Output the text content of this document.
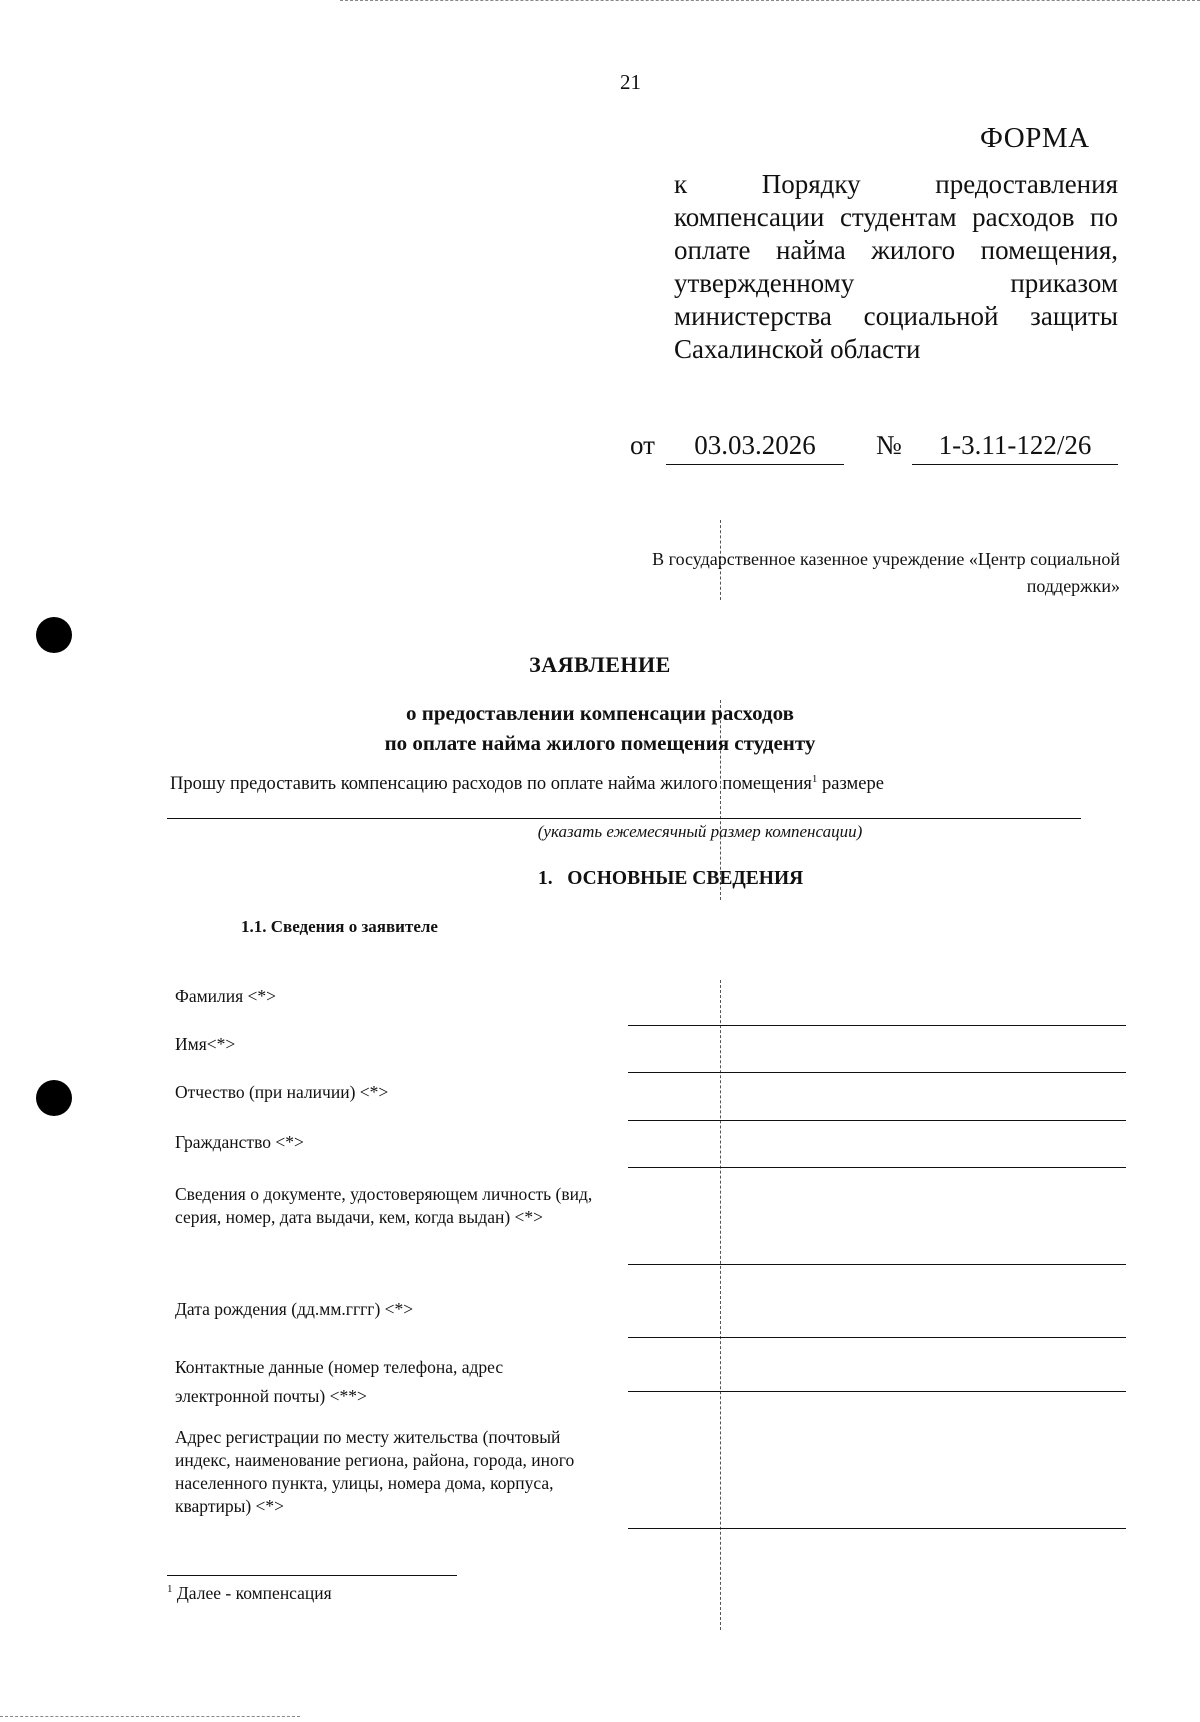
21
ФОРМА
к Порядку предоставления
компенсации студентам расходов по
оплате найма жилого помещения,
утвержденному приказом
министерства социальной защиты
Сахалинской области
от	03.03.2026	№	1-3.11-122/26
В государственное казенное учреждение «Центр социальной
поддержки»
ЗАЯВЛЕНИЕ
о предоставлении компенсации расходов
по оплате найма жилого помещения студенту
Прошу предоставить компенсацию расходов по оплате найма жилого помещения$^1$ размере
(указать ежемесячный размер компенсации)
1. ОСНОВНЫЕ СВЕДЕНИЯ
1.1. Сведения о заявителе
Фамилия <*>
Имя<*>
Отчество (при наличии) <*>
Гражданство <*>
Сведения о документе, удостоверяющем личность (вид, серия, номер, дата выдачи, кем, когда выдан) <*>
Дата рождения (дд.мм.гггг) <*>
Контактные данные (номер телефона, адрес электронной почты) <**>
Адрес регистрации по месту жительства (почтовый индекс, наименование региона, района, города, иного населенного пункта, улицы, номера дома, корпуса, квартиры) <*>
$^1$ Далее - компенсация
